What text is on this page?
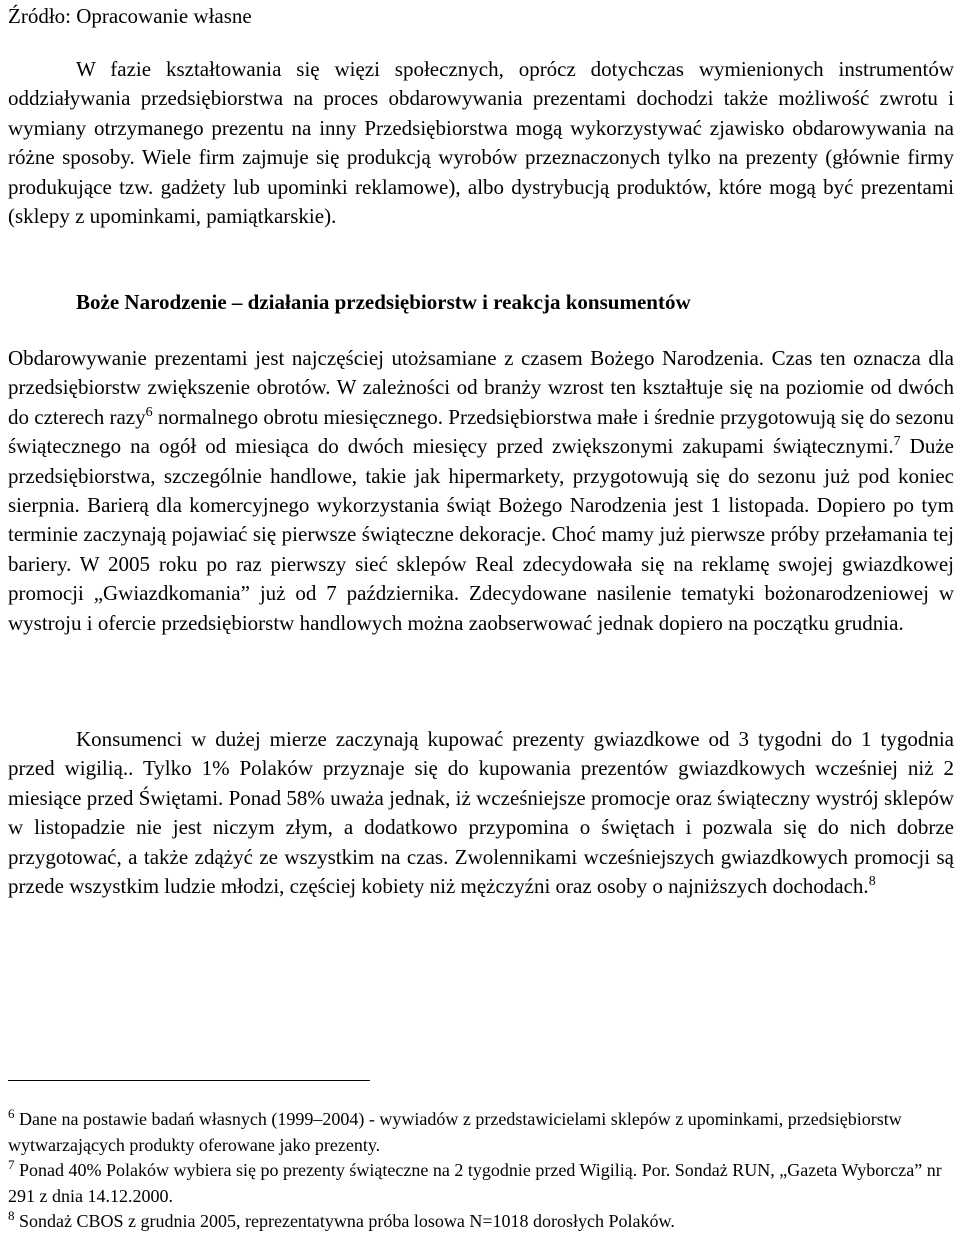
Źródło: Opracowanie własne

W fazie kształtowania się więzi społecznych, oprócz dotychczas wymienionych instrumentów oddziaływania przedsiębiorstwa na proces obdarowywania prezentami dochodzi także możliwość zwrotu i wymiany otrzymanego prezentu na inny Przedsiębiorstwa mogą wykorzystywać zjawisko obdarowywania na różne sposoby. Wiele firm zajmuje się produkcją wyrobów przeznaczonych tylko na prezenty (głównie firmy produkujące tzw. gadżety lub upominki reklamowe), albo dystrybucją produktów, które mogą być prezentami (sklepy z upominkami, pamiątkarskie).

Boże Narodzenie – działania przedsiębiorstw i reakcja konsumentów

Obdarowywanie prezentami jest najczęściej utożsamiane z czasem Bożego Narodzenia. Czas ten oznacza dla przedsiębiorstw zwiększenie obrotów. W zależności od branży wzrost ten kształtuje się na poziomie od dwóch do czterech razy$^6$ normalnego obrotu miesięcznego. Przedsiębiorstwa małe i średnie przygotowują się do sezonu świątecznego na ogół od miesiąca do dwóch miesięcy przed zwiększonymi zakupami świątecznymi.$^7$ Duże przedsiębiorstwa, szczególnie handlowe, takie jak hipermarkety, przygotowują się do sezonu już pod koniec sierpnia. Barierą dla komercyjnego wykorzystania świąt Bożego Narodzenia jest 1 listopada. Dopiero po tym terminie zaczynają pojawiać się pierwsze świąteczne dekoracje. Choć mamy już pierwsze próby przełamania tej bariery. W 2005 roku po raz pierwszy sieć sklepów Real zdecydowała się na reklamę swojej gwiazdkowej promocji „Gwiazdkomania” już od 7 października. Zdecydowane nasilenie tematyki bożonarodzeniowej w wystroju i ofercie przedsiębiorstw handlowych można zaobserwować jednak dopiero na początku grudnia.

Konsumenci w dużej mierze zaczynają kupować prezenty gwiazdkowe od 3 tygodni do 1 tygodnia przed wigilią.. Tylko 1% Polaków przyznaje się do kupowania prezentów gwiazdkowych wcześniej niż 2 miesiące przed Świętami. Ponad 58% uważa jednak, iż wcześniejsze promocje oraz świąteczny wystrój sklepów w listopadzie nie jest niczym złym, a dodatkowo przypomina o świętach i pozwala się do nich dobrze przygotować, a także zdążyć ze wszystkim na czas. Zwolennikami wcześniejszych gwiazdkowych promocji są przede wszystkim ludzie młodzi, częściej kobiety niż mężczyźni oraz osoby o najniższych dochodach.$^8$

$^6$ Dane na postawie badań własnych (1999–2004) - wywiadów z przedstawicielami sklepów z upominkami, przedsiębiorstw wytwarzających produkty oferowane jako prezenty.

$^7$ Ponad 40% Polaków wybiera się po prezenty świąteczne na 2 tygodnie przed Wigilią. Por. Sondaż RUN, „Gazeta Wyborcza” nr 291 z dnia 14.12.2000.

$^8$ Sondaż CBOS z grudnia 2005, reprezentatywna próba losowa N=1018 dorosłych Polaków.
